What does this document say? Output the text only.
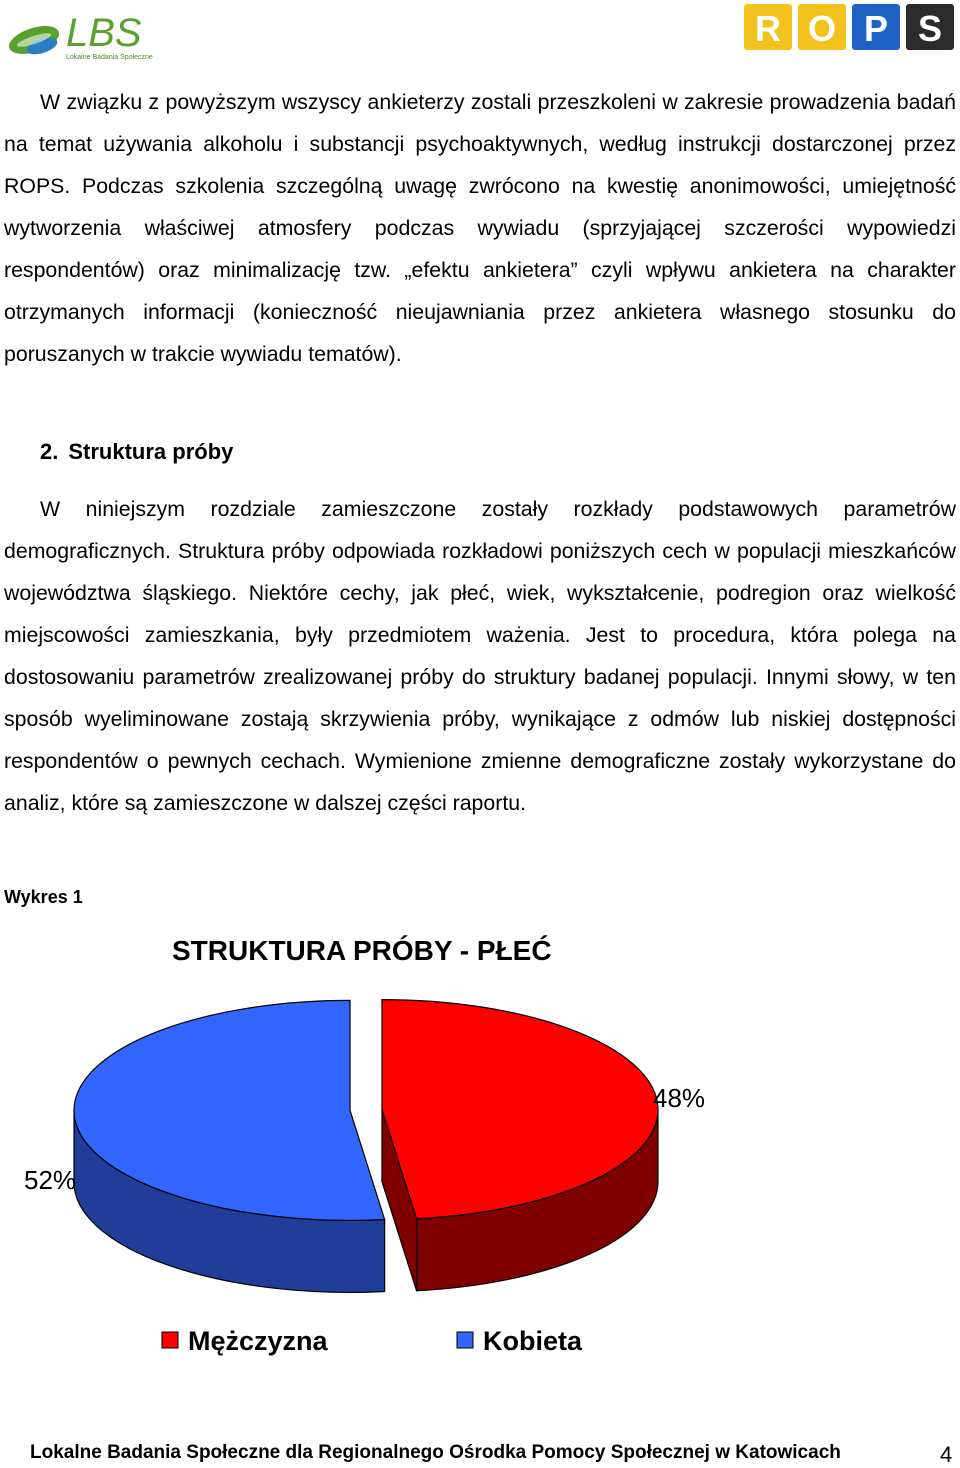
LBS
Lokalne Badania Społeczne
R O P S

W związku z powyższym wszyscy ankieterzy zostali przeszkoleni w zakresie prowadzenia badań na temat używania alkoholu i substancji psychoaktywnych, według instrukcji dostarczonej przez ROPS. Podczas szkolenia szczególną uwagę zwrócono na kwestię anonimowości, umiejętność wytworzenia właściwej atmosfery podczas wywiadu (sprzyjającej szczerości wypowiedzi respondentów) oraz minimalizację tzw. „efektu ankietera” czyli wpływu ankietera na charakter otrzymanych informacji (konieczność nieujawniania przez ankietera własnego stosunku do poruszanych w trakcie wywiadu tematów).

2. Struktura próby

W niniejszym rozdziale zamieszczone zostały rozkłady podstawowych parametrów demograficznych. Struktura próby odpowiada rozkładowi poniższych cech w populacji mieszkańców województwa śląskiego. Niektóre cechy, jak płeć, wiek, wykształcenie, podregion oraz wielkość miejscowości zamieszkania, były przedmiotem ważenia. Jest to procedura, która polega na dostosowaniu parametrów zrealizowanej próby do struktury badanej populacji. Innymi słowy, w ten sposób wyeliminowane zostają skrzywienia próby, wynikające z odmów lub niskiej dostępności respondentów o pewnych cechach. Wymienione zmienne demograficzne zostały wykorzystane do analiz, które są zamieszczone w dalszej części raportu.

Wykres 1

STRUKTURA PRÓBY - PŁEĆ
48%
52%
Mężczyzna	Kobieta

Lokalne Badania Społeczne dla Regionalnego Ośrodka Pomocy Społecznej w Katowicach	4
